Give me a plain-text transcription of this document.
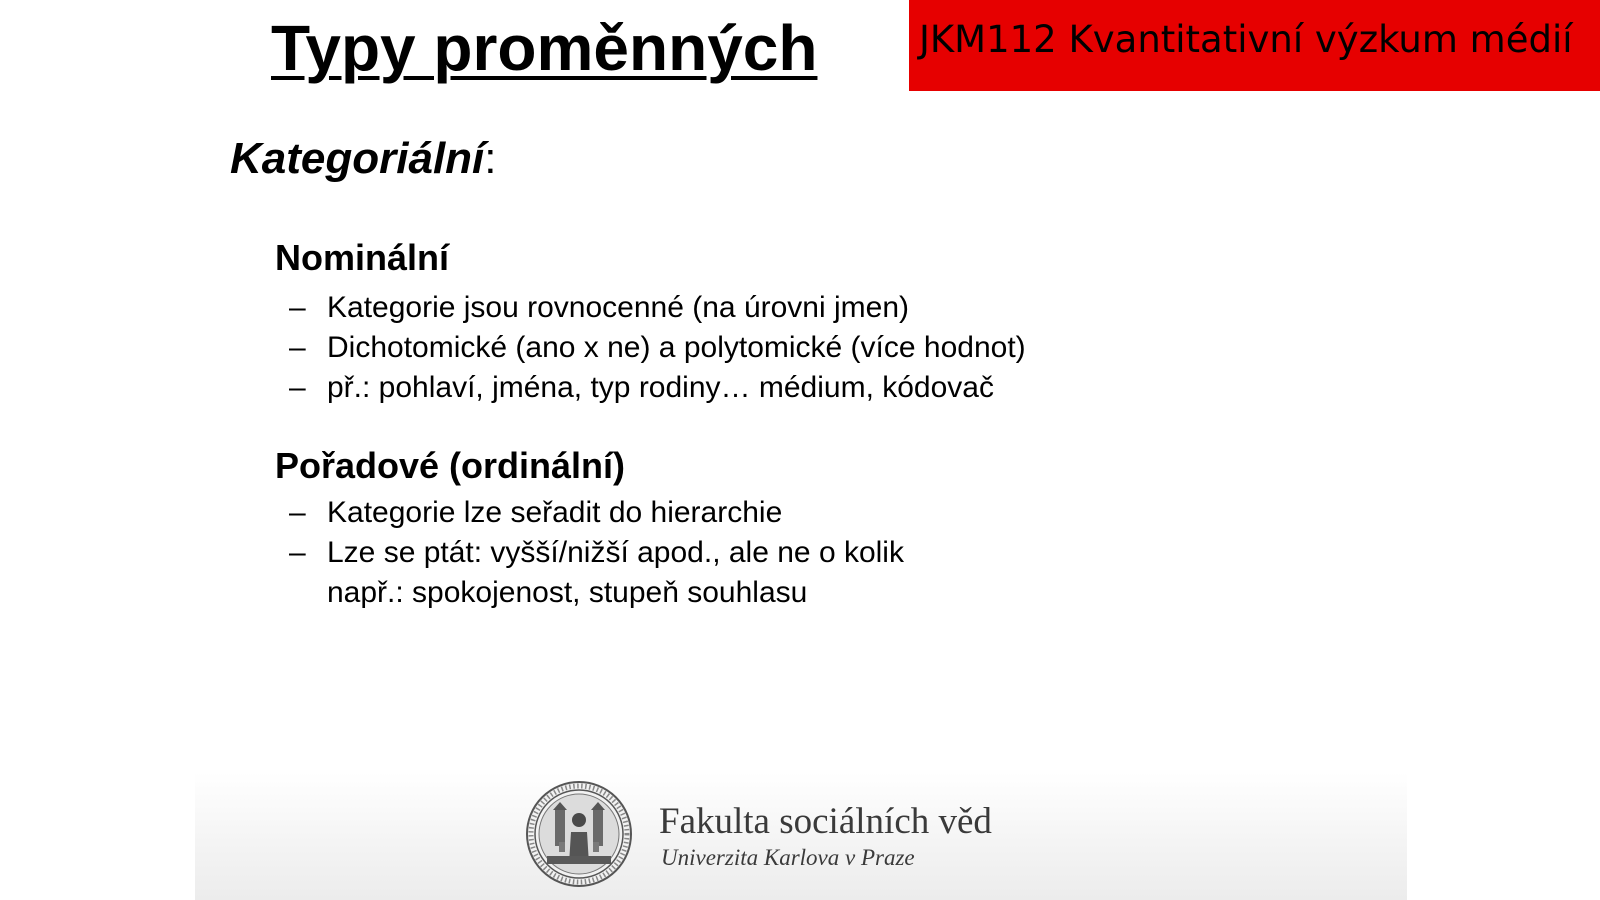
Typy proměnných	JKM112 Kvantitativní výzkum médií
Kategoriální:
Nominální
– Kategorie jsou rovnocenné (na úrovni jmen)
– Dichotomické (ano x ne) a polytomické (více hodnot)
– př.: pohlaví, jména, typ rodiny… médium, kódovač
Pořadové (ordinální)
– Kategorie lze seřadit do hierarchie
– Lze se ptát: vyšší/nižší apod., ale ne o kolik
např.: spokojenost, stupeň souhlasu
Fakulta sociálních věd
Univerzita Karlova v Praze
